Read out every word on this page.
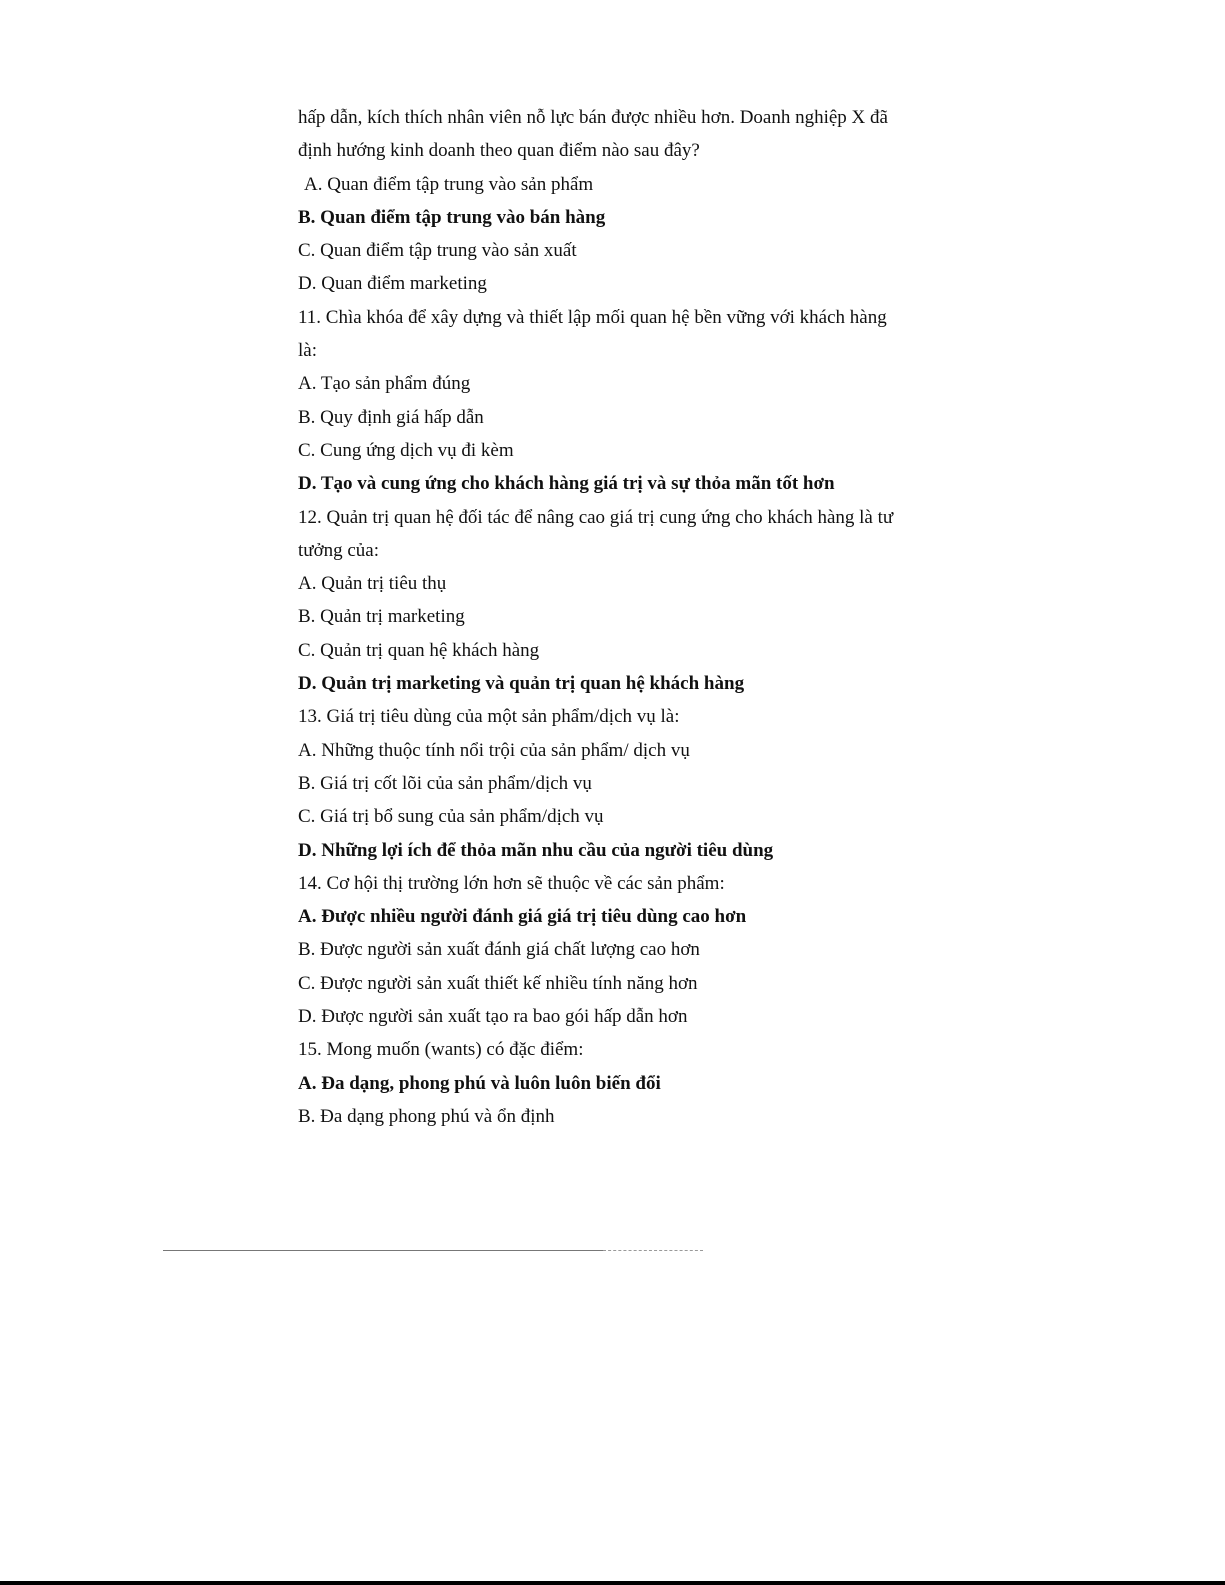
hấp dẫn, kích thích nhân viên nỗ lực bán được nhiều hơn. Doanh nghiệp X đã
định hướng kinh doanh theo quan điểm nào sau đây?
A. Quan điểm tập trung vào sản phẩm
B. Quan điểm tập trung vào bán hàng
C. Quan điểm tập trung vào sản xuất
D. Quan điểm marketing
11. Chìa khóa để xây dựng và thiết lập mối quan hệ bền vững với khách hàng
là:
A. Tạo sản phẩm đúng
B. Quy định giá hấp dẫn
C. Cung ứng dịch vụ đi kèm
D. Tạo và cung ứng cho khách hàng giá trị và sự thỏa mãn tốt hơn
12. Quản trị quan hệ đối tác để nâng cao giá trị cung ứng cho khách hàng là tư
tưởng của:
A. Quản trị tiêu thụ
B. Quản trị marketing
C. Quản trị quan hệ khách hàng
D. Quản trị marketing và quản trị quan hệ khách hàng
13. Giá trị tiêu dùng của một sản phẩm/dịch vụ là:
A. Những thuộc tính nổi trội của sản phẩm/ dịch vụ
B. Giá trị cốt lõi của sản phẩm/dịch vụ
C. Giá trị bổ sung của sản phẩm/dịch vụ
D. Những lợi ích để thỏa mãn nhu cầu của người tiêu dùng
14. Cơ hội thị trường lớn hơn sẽ thuộc về các sản phẩm:
A. Được nhiều người đánh giá giá trị tiêu dùng cao hơn
B. Được người sản xuất đánh giá chất lượng cao hơn
C. Được người sản xuất thiết kế nhiều tính năng hơn
D. Được người sản xuất tạo ra bao gói hấp dẫn hơn
15. Mong muốn (wants) có đặc điểm:
A. Đa dạng, phong phú và luôn luôn biến đổi
B. Đa dạng phong phú và ổn định
